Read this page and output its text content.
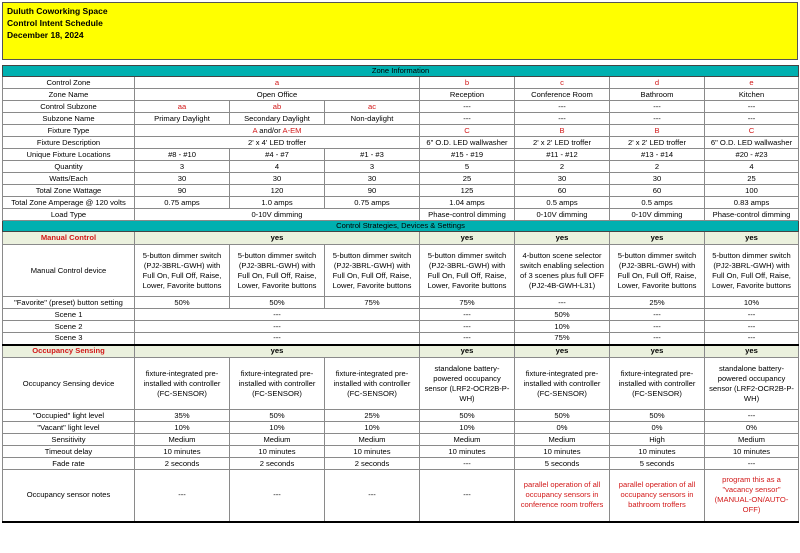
Duluth Coworking Space
Control Intent Schedule
December 18, 2024
Zone Information							
Control Zone	a			b	c	d	e
Zone Name	Open Office			Reception	Conference Room	Bathroom	Kitchen
Control Subzone	aa	ab	ac	---	---	---	---
Subzone Name	Primary Daylight	Secondary Daylight	Non-daylight	---	---	---	---
Fixture Type	A and/or A-EM			C	B	B	C
Fixture Description	2' x 4' LED troffer			6" O.D. LED wallwasher	2' x 2' LED troffer	2' x 2' LED troffer	6" O.D. LED wallwasher
Unique Fixture Locations	#8 - #10	#4 - #7	#1 - #3	#15 - #19	#11 - #12	#13 - #14	#20 - #23
Quantity	3	4	3	5	2	2	4
Watts/Each	30	30	30	25	30	30	25
Total Zone Wattage	90	120	90	125	60	60	100
Total Zone Amperage @ 120 volts	0.75 amps	1.0 amps	0.75 amps	1.04 amps	0.5 amps	0.5 amps	0.83 amps
Load Type	0-10V dimming			Phase-control dimming	0-10V dimming	0-10V dimming	Phase-control dimming
Control Strategies, Devices & Settings							
Manual Control	yes			yes	yes	yes	yes
Manual Control device	5-button dimmer switch (PJ2-3BRL-GWH) with Full On, Full Off, Raise, Lower, Favorite buttons	5-button dimmer switch (PJ2-3BRL-GWH) with Full On, Full Off, Raise, Lower, Favorite buttons	5-button dimmer switch (PJ2-3BRL-GWH) with Full On, Full Off, Raise, Lower, Favorite buttons	5-button dimmer switch (PJ2-3BRL-GWH) with Full On, Full Off, Raise, Lower, Favorite buttons	4-button scene selector switch enabling selection of 3 scenes plus full OFF (PJ2-4B-GWH-L31)	5-button dimmer switch (PJ2-3BRL-GWH) with Full On, Full Off, Raise, Lower, Favorite buttons	5-button dimmer switch (PJ2-3BRL-GWH) with Full On, Full Off, Raise, Lower, Favorite buttons
"Favorite" (preset) button setting	50%	50%	75%	75%	---	25%	10%
Scene 1	---			---	50%	---	---
Scene 2	---			---	10%	---	---
Scene 3	---			---	75%	---	---
Occupancy Sensing	yes			yes	yes	yes	yes
Occupancy Sensing device	fixture-integrated pre-installed with controller (FC-SENSOR)	fixture-integrated pre-installed with controller (FC-SENSOR)	fixture-integrated pre-installed with controller (FC-SENSOR)	standalone battery-powered occupancy sensor (LRF2-OCR2B-P-WH)	fixture-integrated pre-installed with controller (FC-SENSOR)	fixture-integrated pre-installed with controller (FC-SENSOR)	standalone battery-powered occupancy sensor (LRF2-OCR2B-P-WH)
"Occupied" light level	35%	50%	25%	50%	50%	50%	---
"Vacant" light level	10%	10%	10%	10%	0%	0%	0%
Sensitivity	Medium	Medium	Medium	Medium	Medium	High	Medium
Timeout delay	10 minutes	10 minutes	10 minutes	10 minutes	10 minutes	10 minutes	10 minutes
Fade rate	2 seconds	2 seconds	2 seconds	---	5 seconds	5 seconds	---
Occupancy sensor notes	---	---	---	---	parallel operation of all occupancy sensors in conference room troffers	parallel operation of all occupancy sensors in bathroom troffers	program this as a "vacancy sensor" (MANUAL-ON/AUTO-OFF)
